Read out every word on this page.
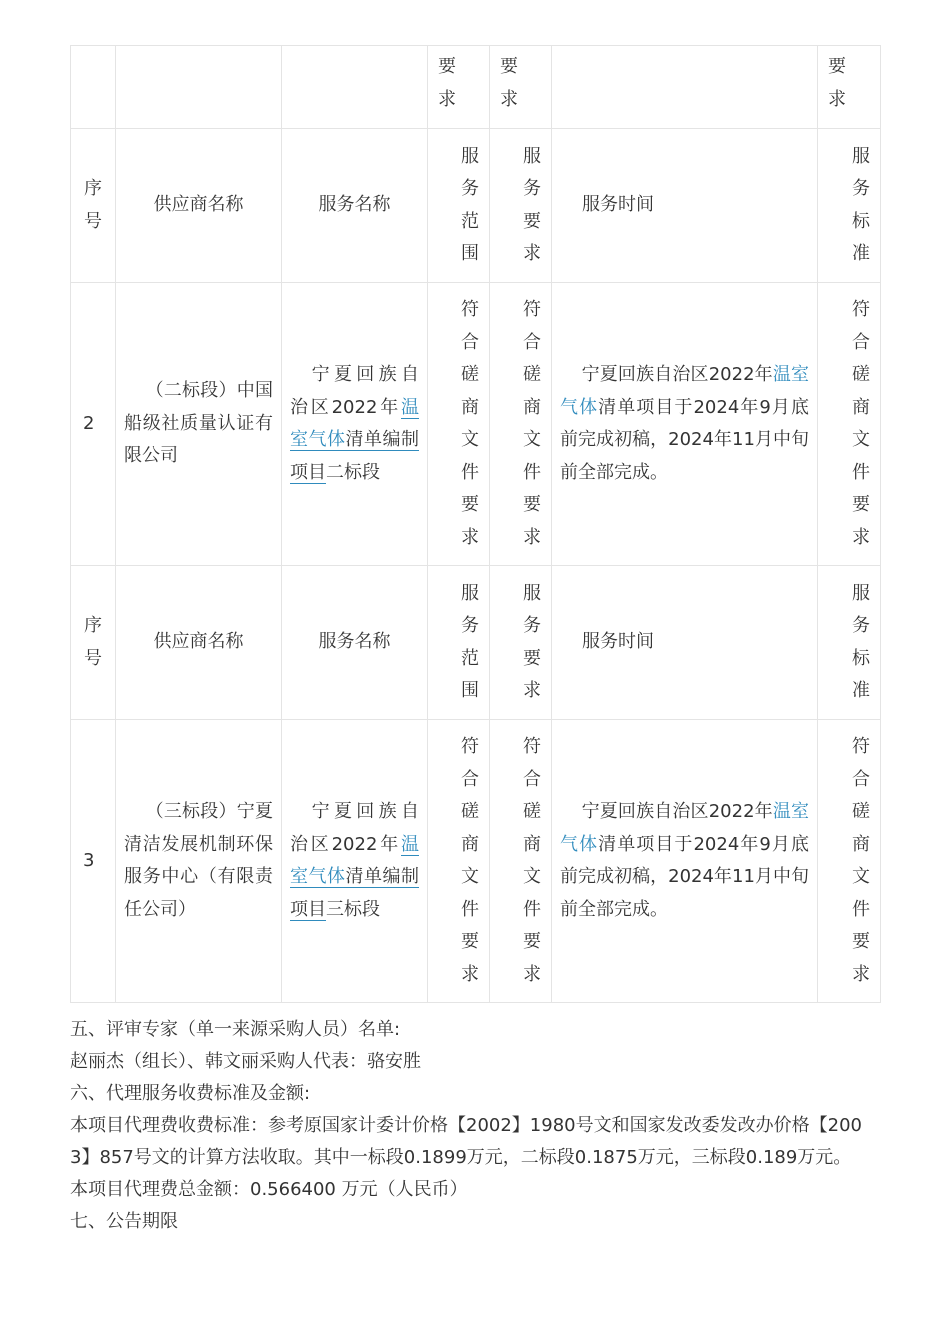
			要求	要求		要求

序号	供应商名称	服务名称	服务范围	服务要求	服务时间	服务标准

2	（二标段）中国船级社质量认证有限公司	宁夏回族自治区2022年温室气体清单编制项目二标段	符合磋商文件要求	符合磋商文件要求	宁夏回族自治区2022年温室气体清单项目于2024年9月底前完成初稿，2024年11月中旬前全部完成。	符合磋商文件要求

序号	供应商名称	服务名称	服务范围	服务要求	服务时间	服务标准

3	（三标段）宁夏清洁发展机制环保服务中心（有限责任公司）	宁夏回族自治区2022年温室气体清单编制项目三标段	符合磋商文件要求	符合磋商文件要求	宁夏回族自治区2022年温室气体清单项目于2024年9月底前完成初稿，2024年11月中旬前全部完成。	符合磋商文件要求

五、评审专家（单一来源采购人员）名单:

赵丽杰（组长）、韩文丽采购人代表：骆安胜

六、代理服务收费标准及金额:

本项目代理费收费标准：参考原国家计委计价格【2002】1980号文和国家发改委发改办价格【2003】857号文的计算方法收取。其中一标段0.1899万元，二标段0.1875万元，三标段0.189万元。

本项目代理费总金额：0.566400 万元（人民币）

七、公告期限
